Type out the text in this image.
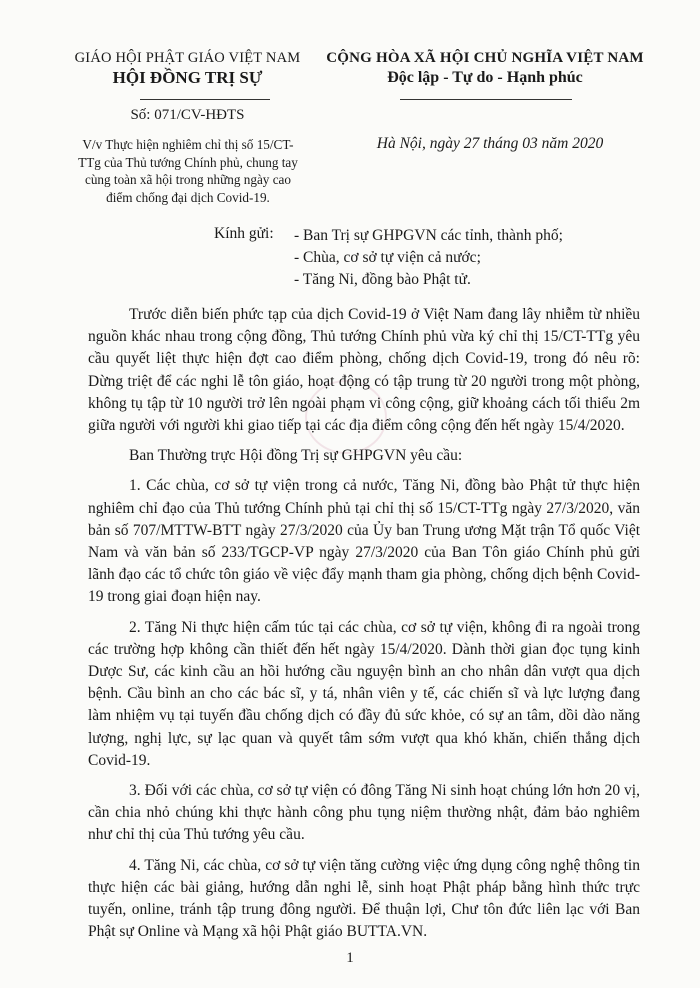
GIÁO HỘI PHẬT GIÁO VIỆT NAM
HỘI ĐỒNG TRỊ SỰ
CỘNG HÒA XÃ HỘI CHỦ NGHĨA VIỆT NAM
Độc lập - Tự do - Hạnh phúc
Số: 071/CV-HĐTS
V/v Thực hiện nghiêm chỉ thị số 15/CT-TTg của Thủ tướng Chính phủ, chung tay cùng toàn xã hội trong những ngày cao điểm chống đại dịch Covid-19.
Hà Nội, ngày 27 tháng 03 năm 2020
Kính gửi: - Ban Trị sự GHPGVN các tỉnh, thành phố;
- Chùa, cơ sở tự viện cả nước;
- Tăng Ni, đồng bào Phật tử.

Trước diễn biến phức tạp của dịch Covid-19 ở Việt Nam đang lây nhiễm từ nhiều nguồn khác nhau trong cộng đồng, Thủ tướng Chính phủ vừa ký chỉ thị 15/CT-TTg yêu cầu quyết liệt thực hiện đợt cao điểm phòng, chống dịch Covid-19, trong đó nêu rõ: Dừng triệt để các nghi lễ tôn giáo, hoạt động có tập trung từ 20 người trong một phòng, không tụ tập từ 10 người trở lên ngoài phạm vi công cộng, giữ khoảng cách tối thiểu 2m giữa người với người khi giao tiếp tại các địa điểm công cộng đến hết ngày 15/4/2020.

Ban Thường trực Hội đồng Trị sự GHPGVN yêu cầu:

1. Các chùa, cơ sở tự viện trong cả nước, Tăng Ni, đồng bào Phật tử thực hiện nghiêm chỉ đạo của Thủ tướng Chính phủ tại chỉ thị số 15/CT-TTg ngày 27/3/2020, văn bản số 707/MTTW-BTT ngày 27/3/2020 của Ủy ban Trung ương Mặt trận Tổ quốc Việt Nam và văn bản số 233/TGCP-VP ngày 27/3/2020 của Ban Tôn giáo Chính phủ gửi lãnh đạo các tổ chức tôn giáo về việc đẩy mạnh tham gia phòng, chống dịch bệnh Covid-19 trong giai đoạn hiện nay.

2. Tăng Ni thực hiện cấm túc tại các chùa, cơ sở tự viện, không đi ra ngoài trong các trường hợp không cần thiết đến hết ngày 15/4/2020. Dành thời gian đọc tụng kinh Dược Sư, các kinh cầu an hồi hướng cầu nguyện bình an cho nhân dân vượt qua dịch bệnh. Cầu bình an cho các bác sĩ, y tá, nhân viên y tế, các chiến sĩ và lực lượng đang làm nhiệm vụ tại tuyến đầu chống dịch có đầy đủ sức khỏe, có sự an tâm, dồi dào năng lượng, nghị lực, sự lạc quan và quyết tâm sớm vượt qua khó khăn, chiến thắng dịch Covid-19.

3. Đối với các chùa, cơ sở tự viện có đông Tăng Ni sinh hoạt chúng lớn hơn 20 vị, cần chia nhỏ chúng khi thực hành công phu tụng niệm thường nhật, đảm bảo nghiêm như chỉ thị của Thủ tướng yêu cầu.

4. Tăng Ni, các chùa, cơ sở tự viện tăng cường việc ứng dụng công nghệ thông tin thực hiện các bài giảng, hướng dẫn nghi lễ, sinh hoạt Phật pháp bằng hình thức trực tuyến, online, tránh tập trung đông người. Để thuận lợi, Chư tôn đức liên lạc với Ban Phật sự Online và Mạng xã hội Phật giáo BUTTA.VN.

1
